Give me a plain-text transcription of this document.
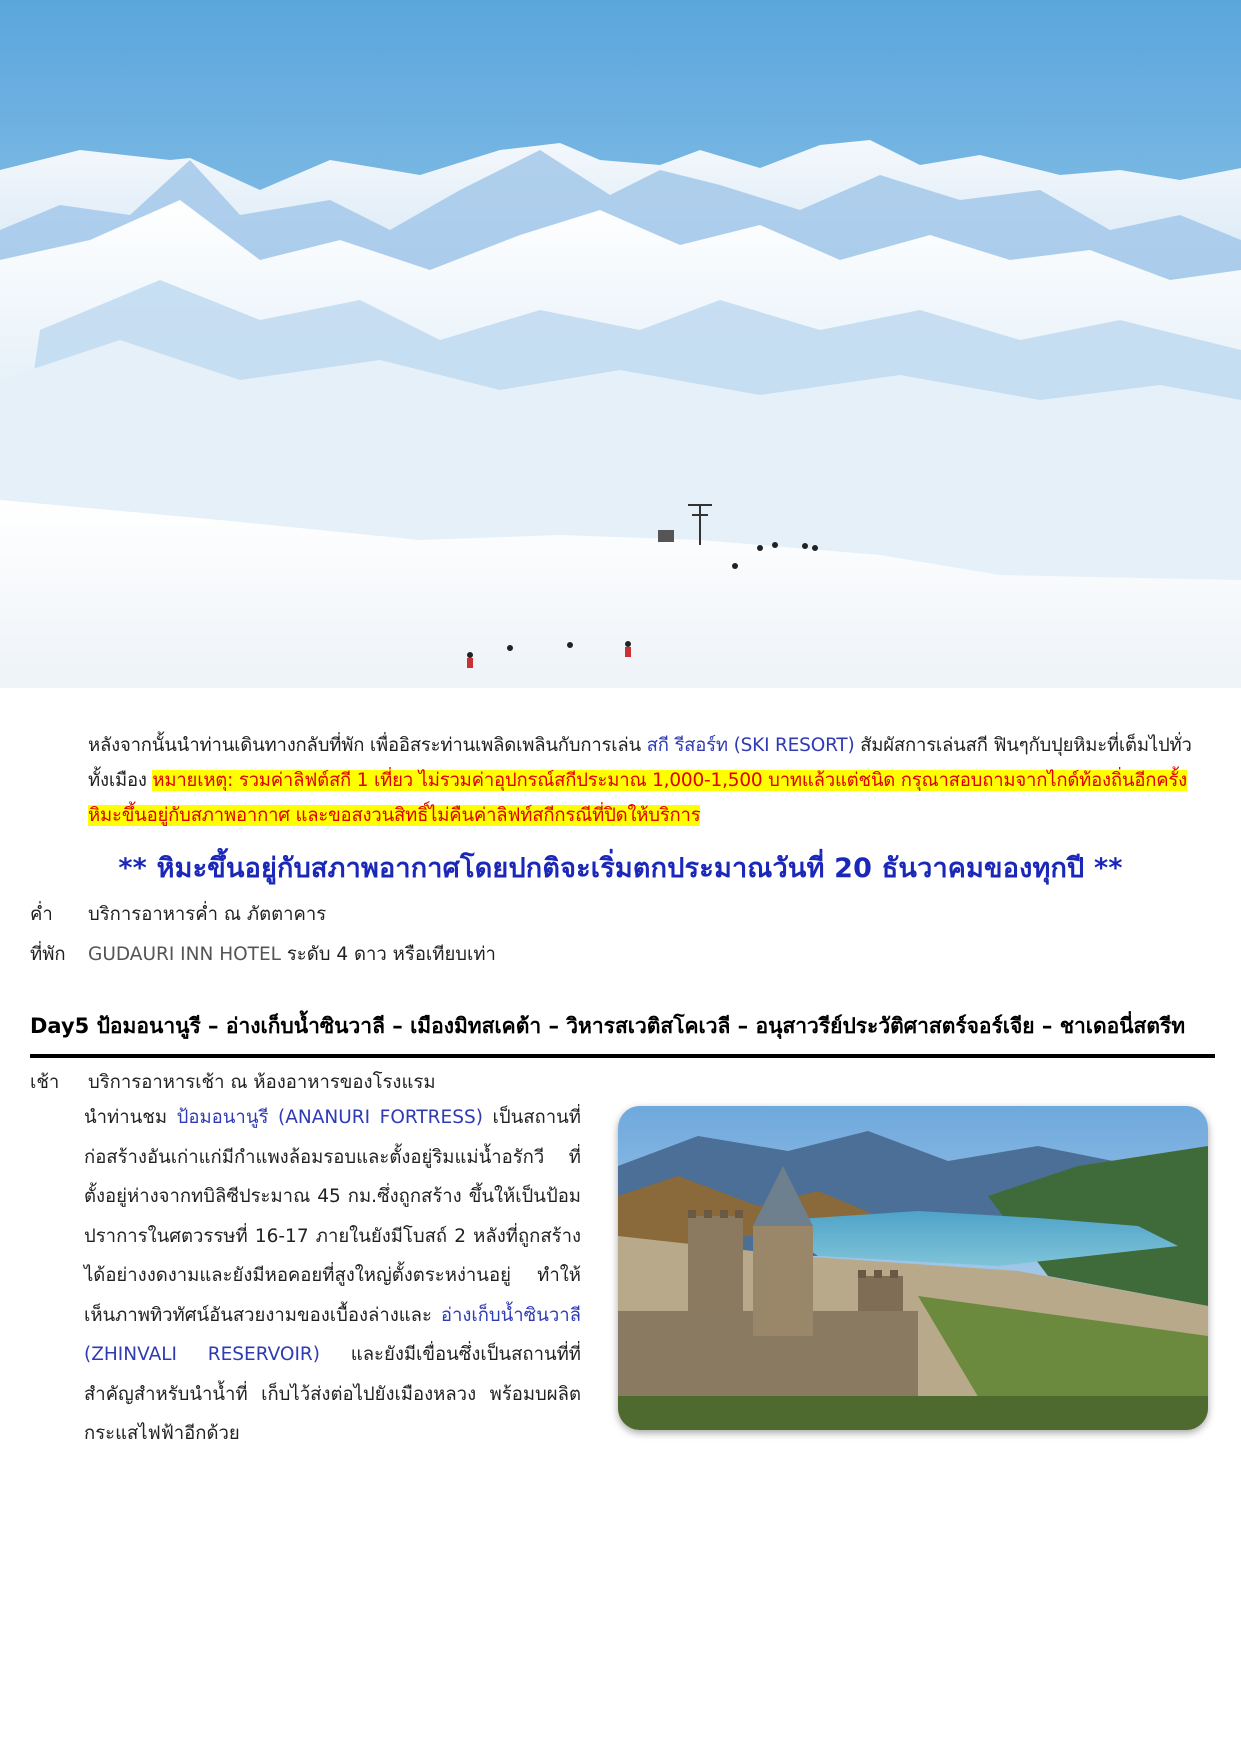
หลังจากนั้นนำท่านเดินทางกลับที่พัก เพื่ออิสระท่านเพลิดเพลินกับการเล่น สกี รีสอร์ท (SKI RESORT) สัมผัสการเล่นสกี ฟินๆกับปุยหิมะที่เต็มไปทั่วทั้งเมือง หมายเหตุ: รวมค่าลิฟต์สกี 1 เที่ยว ไม่รวมค่าอุปกรณ์สกีประมาณ 1,000-1,500 บาทแล้วแต่ชนิด กรุณาสอบถามจากไกด์ท้องถิ่นอีกครั้ง หิมะขึ้นอยู่กับสภาพอากาศ และขอสงวนสิทธิ์ไม่คืนค่าลิฟท์สกีกรณีที่ปิดให้บริการ
** หิมะขึ้นอยู่กับสภาพอากาศโดยปกติจะเริ่มตกประมาณวันที่ 20 ธันวาคมของทุกปี **
ค่ำ บริการอาหารค่ำ ณ ภัตตาคาร
ที่พัก GUDAURI INN HOTEL ระดับ 4 ดาว หรือเทียบเท่า
Day5 ป้อมอนานูรี – อ่างเก็บน้ำซินวาลี – เมืองมิทสเคต้า – วิหารสเวติสโคเวลี – อนุสาวรีย์ประวัติศาสตร์จอร์เจีย – ชาเดอนี่สตรีท
เช้า บริการอาหารเช้า ณ ห้องอาหารของโรงแรม
นำท่านชม ป้อมอนานูรี (ANANURI FORTRESS) เป็นสถานที่ก่อสร้างอันเก่าแก่มีกำแพงล้อมรอบและตั้งอยู่ริมแม่น้ำอรักวี ที่ตั้งอยู่ห่างจากทบิลิซีประมาณ 45 กม.ซึ่งถูกสร้าง ขึ้นให้เป็นป้อมปราการในศตวรรษที่ 16-17 ภายในยังมีโบสถ์ 2 หลังที่ถูกสร้างได้อย่างงดงามและยังมีหอคอยที่สูงใหญ่ตั้งตระหง่านอยู่ ทำให้เห็นภาพทิวทัศน์อันสวยงามของเบื้องล่างและ อ่างเก็บน้ำซินวาลี (ZHINVALI RESERVOIR) และยังมีเขื่อนซึ่งเป็นสถานที่ที่สำคัญสำหรับนำน้ำที่ เก็บไว้ส่งต่อไปยังเมืองหลวง พร้อมบผลิตกระแสไฟฟ้าอีกด้วย
